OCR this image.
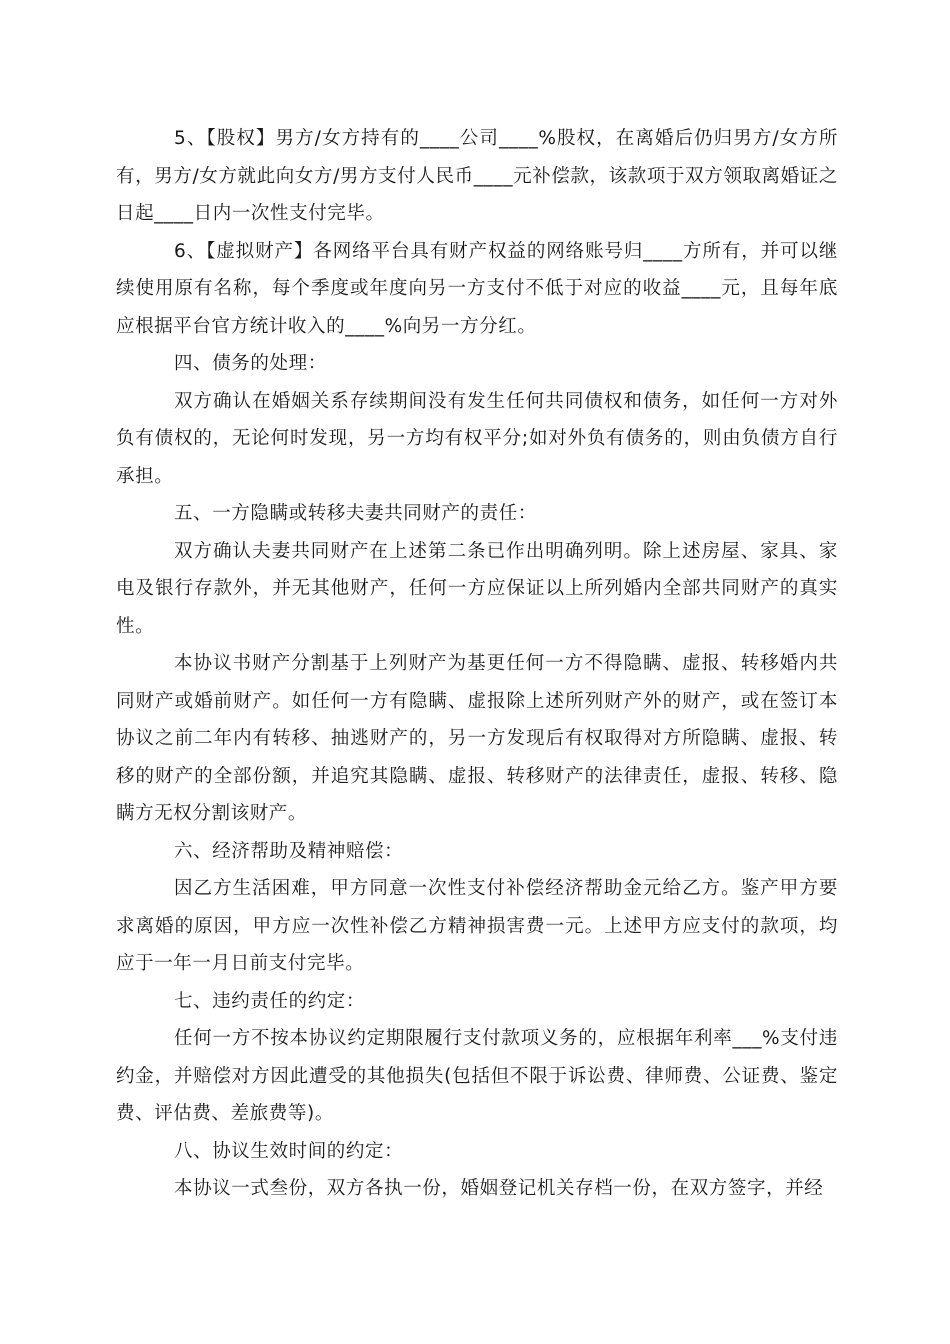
5、【股权】男方/女方持有的____公司____%股权，在离婚后仍归男方/女方所有，男方/女方就此向女方/男方支付人民币____元补偿款，该款项于双方领取离婚证之日起____日内一次性支付完毕。

6、【虚拟财产】各网络平台具有财产权益的网络账号归____方所有，并可以继续使用原有名称，每个季度或年度向另一方支付不低于对应的收益____元，且每年底应根据平台官方统计收入的____%向另一方分红。

四、债务的处理：

双方确认在婚姻关系存续期间没有发生任何共同债权和债务，如任何一方对外负有债权的，无论何时发现，另一方均有权平分;如对外负有债务的，则由负债方自行承担。

五、一方隐瞒或转移夫妻共同财产的责任：

双方确认夫妻共同财产在上述第二条已作出明确列明。除上述房屋、家具、家电及银行存款外，并无其他财产，任何一方应保证以上所列婚内全部共同财产的真实性。

本协议书财产分割基于上列财产为基更任何一方不得隐瞒、虚报、转移婚内共同财产或婚前财产。如任何一方有隐瞒、虚报除上述所列财产外的财产，或在签订本协议之前二年内有转移、抽逃财产的，另一方发现后有权取得对方所隐瞒、虚报、转移的财产的全部份额，并追究其隐瞒、虚报、转移财产的法律责任，虚报、转移、隐瞒方无权分割该财产。

六、经济帮助及精神赔偿：

因乙方生活困难，甲方同意一次性支付补偿经济帮助金元给乙方。鉴产甲方要求离婚的原因，甲方应一次性补偿乙方精神损害费一元。上述甲方应支付的款项，均应于一年一月日前支付完毕。

七、违约责任的约定：

任何一方不按本协议约定期限履行支付款项义务的，应根据年利率___%支付违约金，并赔偿对方因此遭受的其他损失(包括但不限于诉讼费、律师费、公证费、鉴定费、评估费、差旅费等)。

八、协议生效时间的约定：

本协议一式叁份，双方各执一份，婚姻登记机关存档一份，在双方签字，并经
